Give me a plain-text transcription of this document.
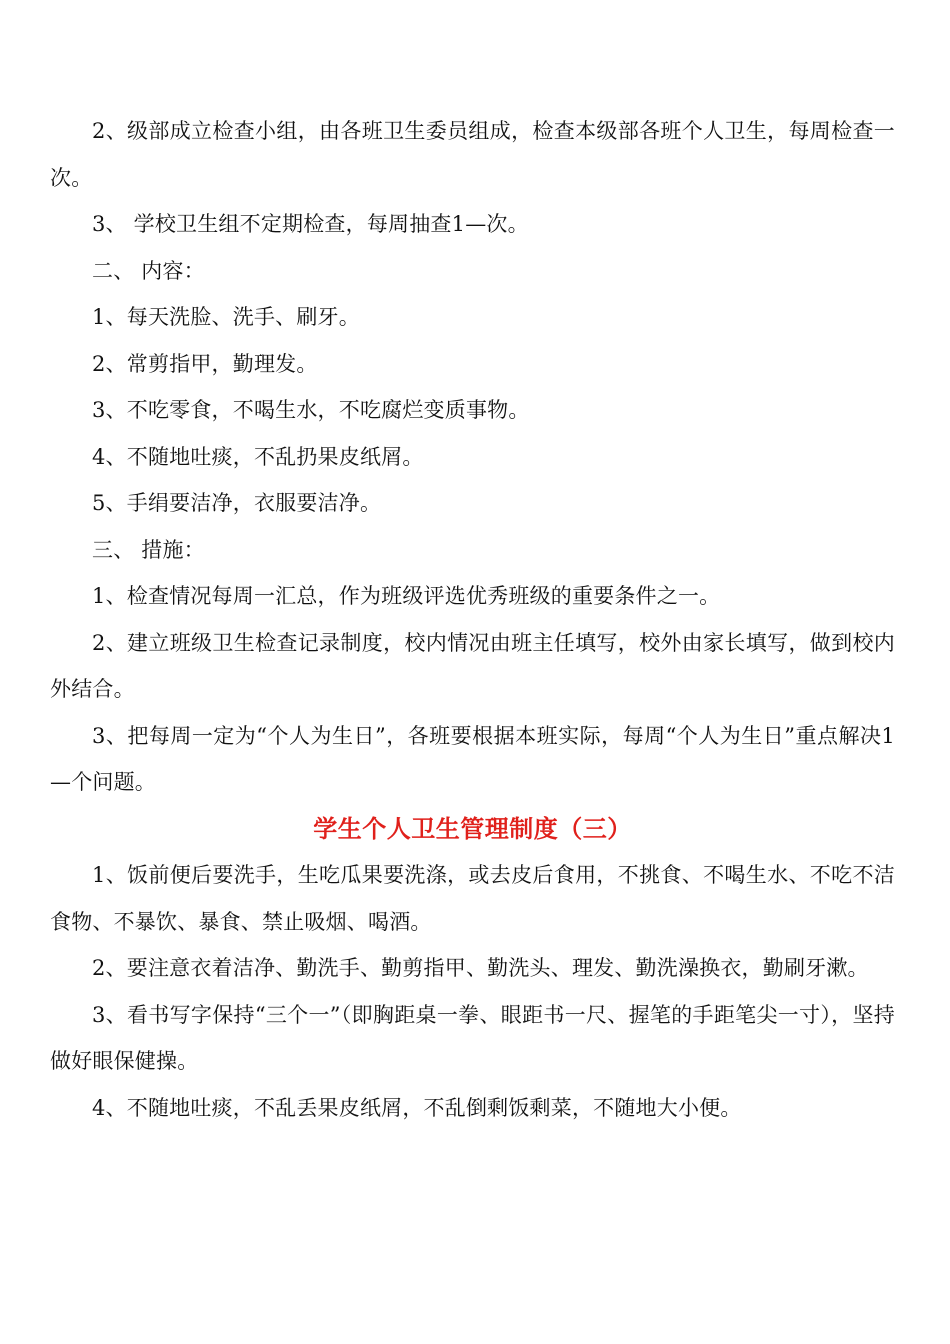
2、级部成立检查小组，由各班卫生委员组成，检查本级部各班个人卫生，每周检查一次。

3、 学校卫生组不定期检查，每周抽查1—次。

二、 内容：

1、每天洗脸、洗手、刷牙。

2、常剪指甲，勤理发。

3、不吃零食，不喝生水，不吃腐烂变质事物。

4、不随地吐痰，不乱扔果皮纸屑。

5、手绢要洁净，衣服要洁净。

三、 措施：

1、检查情况每周一汇总，作为班级评选优秀班级的重要条件之一。

2、建立班级卫生检查记录制度，校内情况由班主任填写，校外由家长填写，做到校内外结合。

3、把每周一定为“个人为生日”，各班要根据本班实际，每周“个人为生日”重点解决1—个问题。

学生个人卫生管理制度（三）

1、饭前便后要洗手，生吃瓜果要洗涤，或去皮后食用，不挑食、不喝生水、不吃不洁食物、不暴饮、暴食、禁止吸烟、喝酒。

2、要注意衣着洁净、勤洗手、勤剪指甲、勤洗头、理发、勤洗澡换衣，勤刷牙漱。

3、看书写字保持“三个一”（即胸距桌一拳、眼距书一尺、握笔的手距笔尖一寸），坚持做好眼保健操。

4、不随地吐痰，不乱丢果皮纸屑，不乱倒剩饭剩菜，不随地大小便。
